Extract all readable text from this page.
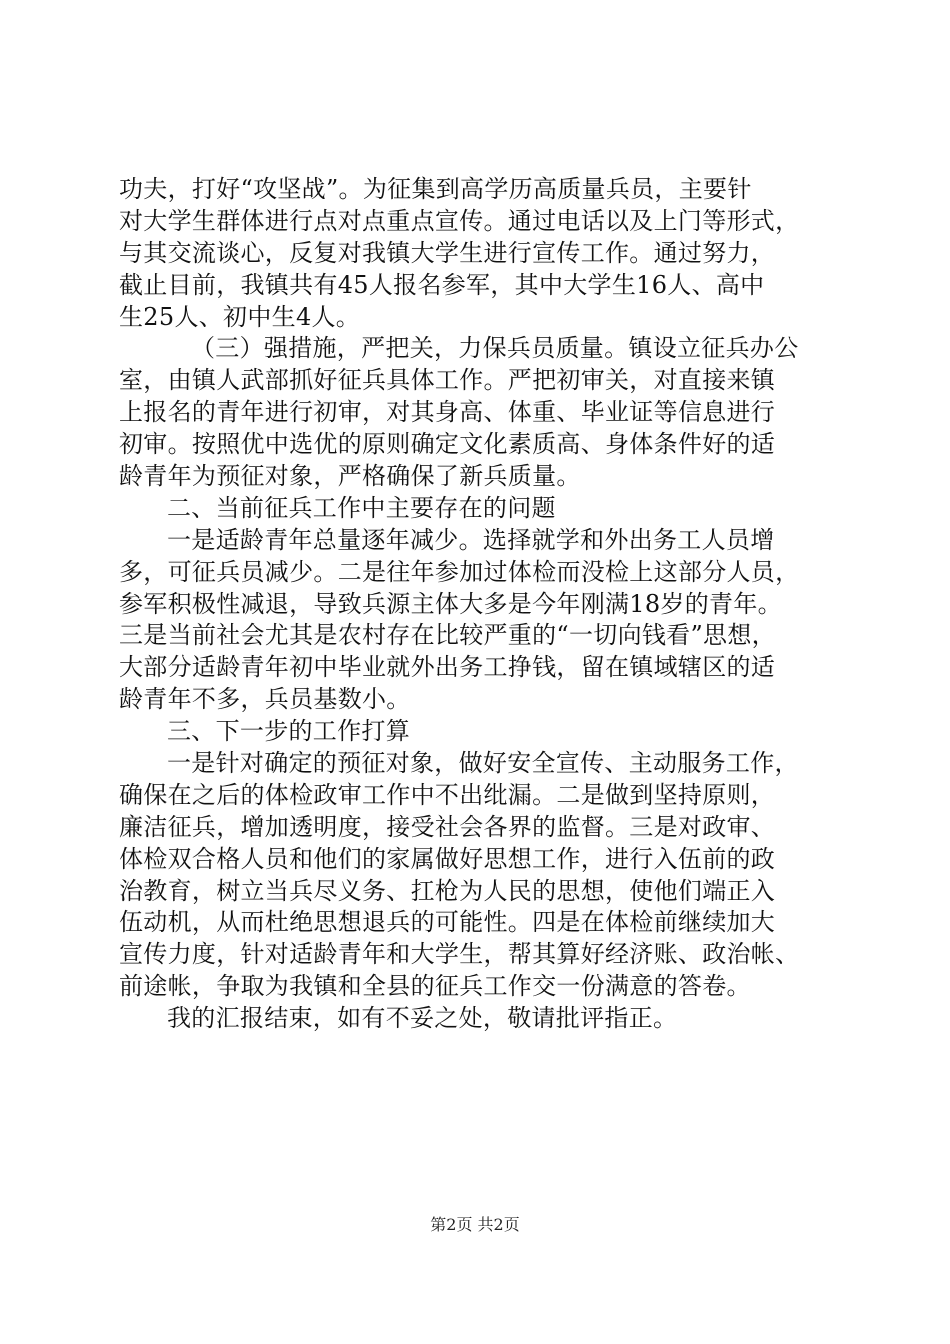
功夫，打好“攻坚战”。为征集到高学历高质量兵员，主要针
对大学生群体进行点对点重点宣传。通过电话以及上门等形式，
与其交流谈心，反复对我镇大学生进行宣传工作。通过努力，
截止目前，我镇共有45人报名参军，其中大学生16人、高中
生25人、初中生4人。
（三）强措施，严把关，力保兵员质量。镇设立征兵办公
室，由镇人武部抓好征兵具体工作。严把初审关，对直接来镇
上报名的青年进行初审，对其身高、体重、毕业证等信息进行
初审。按照优中选优的原则确定文化素质高、身体条件好的适
龄青年为预征对象，严格确保了新兵质量。
二、当前征兵工作中主要存在的问题
一是适龄青年总量逐年减少。选择就学和外出务工人员增
多，可征兵员减少。二是往年参加过体检而没检上这部分人员，
参军积极性减退，导致兵源主体大多是今年刚满18岁的青年。
三是当前社会尤其是农村存在比较严重的“一切向钱看”思想，
大部分适龄青年初中毕业就外出务工挣钱，留在镇域辖区的适
龄青年不多，兵员基数小。
三、下一步的工作打算
一是针对确定的预征对象，做好安全宣传、主动服务工作，
确保在之后的体检政审工作中不出纰漏。二是做到坚持原则，
廉洁征兵，增加透明度，接受社会各界的监督。三是对政审、
体检双合格人员和他们的家属做好思想工作，进行入伍前的政
治教育，树立当兵尽义务、扛枪为人民的思想，使他们端正入
伍动机，从而杜绝思想退兵的可能性。四是在体检前继续加大
宣传力度，针对适龄青年和大学生，帮其算好经济账、政治帐、
前途帐，争取为我镇和全县的征兵工作交一份满意的答卷。
我的汇报结束，如有不妥之处，敬请批评指正。
第2页 共2页
